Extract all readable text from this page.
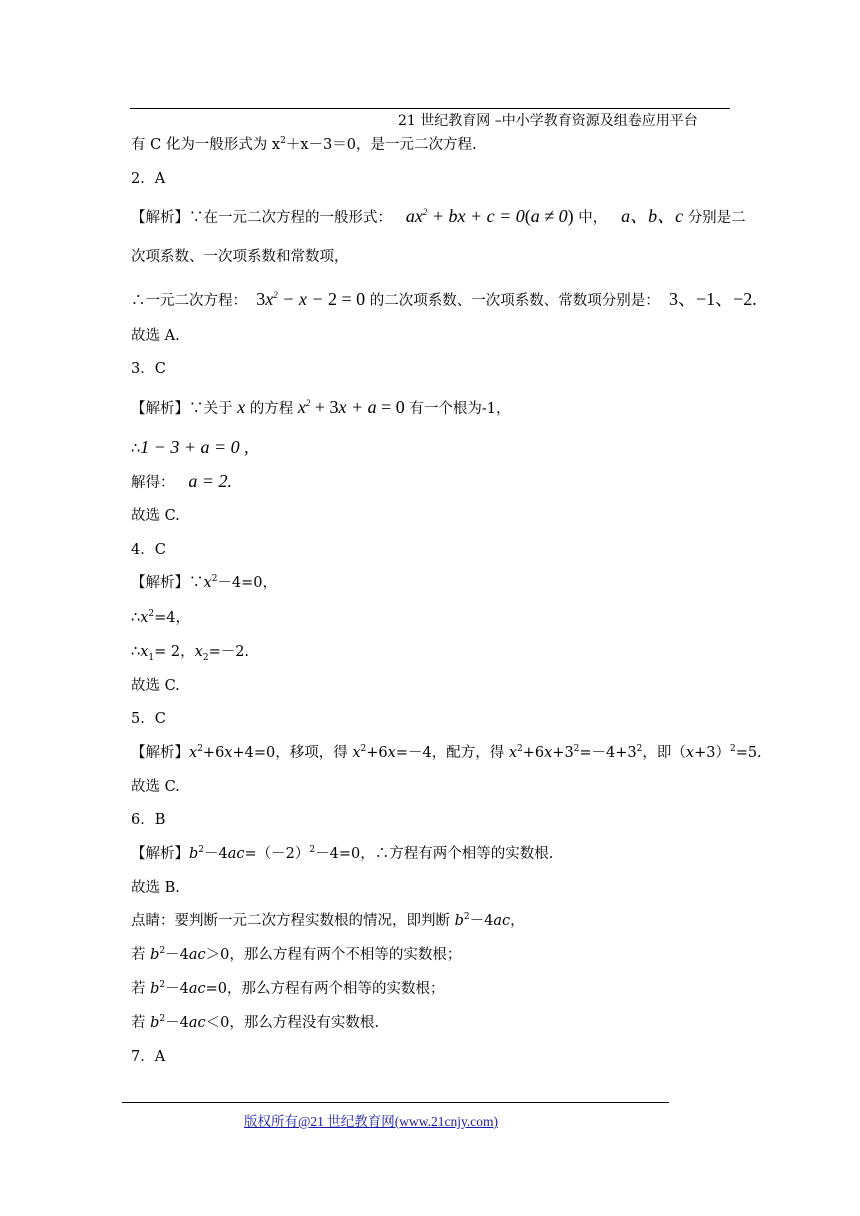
21 世纪教育网 –中小学教育资源及组卷应用平台
有 C 化为一般形式为 $x^2+x-3=0$，是一元二次方程.
2．A
【解析】∵在一元二次方程的一般形式： $ax^2$ + bx + c = 0(a ≠ 0) 中， a、b、c 分别是二
次项系数、一次项系数和常数项，
∴一元二次方程： $3x^2 - x - 2 = 0$ 的二次项系数、一次项系数、常数项分别是： 3、−1、−2.
故选 A.
3．C
【解析】∵关于 x 的方程 $x^2 + 3x + a = 0$ 有一个根为-1，
∴1 − 3 + a = 0 ,
解得： a = 2.
故选 C.
4．C
【解析】$\because x^2-4=0$，
$\therefore x^2=4$，
$\therefore x_1= 2$，$x_2=-2$.
故选 C.
5．C
【解析】$x^2+6x+4=0$，移项，得 $x^2+6x=-4$，配方，得 $x^2+6x+3^2=-4+3^2$，即$(x+3)^2=5$.
故选 C.
6．B
【解析】$b^2-4ac=(-2)^2-4=0$，∴方程有两个相等的实数根.
故选 B.
点睛：要判断一元二次方程实数根的情况，即判断 $b^2-4ac$，
若 $b^2-4ac>0$，那么方程有两个不相等的实数根；
若 $b^2-4ac=0$，那么方程有两个相等的实数根；
若 $b^2-4ac<0$，那么方程没有实数根.
7．A
版权所有@21 世纪教育网(www.21cnjy.com)
